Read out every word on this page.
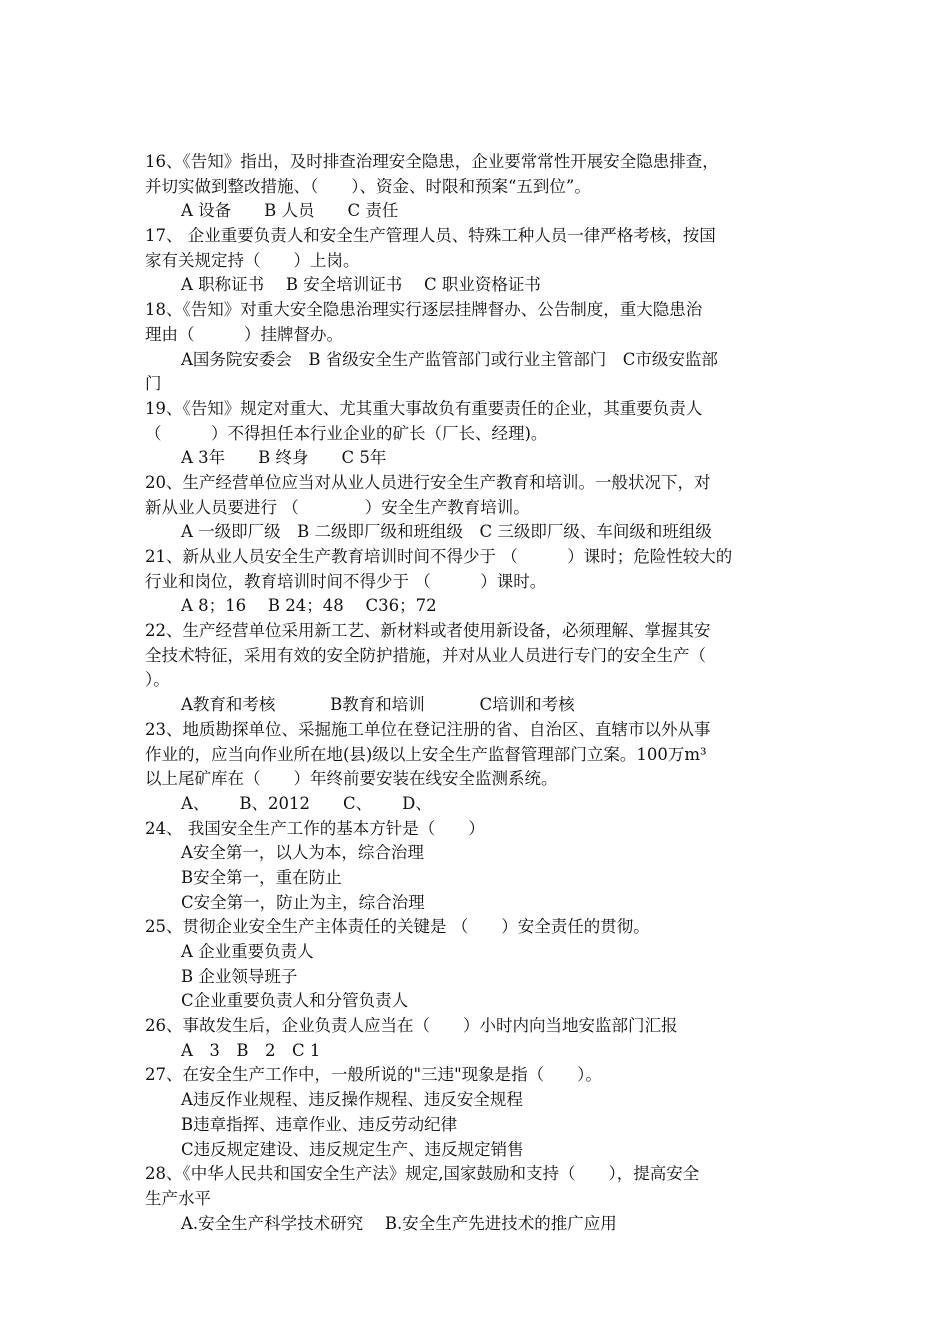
16、《告知》指出，及时排查治理安全隐患，企业要常常性开展安全隐患排查，
并切实做到整改措施、（　　）、资金、时限和预案“五到位”。
A 设备　　B 人员　　C 责任
17、 企业重要负责人和安全生产管理人员、特殊工种人员一律严格考核，按国
家有关规定持（　　）上岗。
A 职称证书　 B 安全培训证书　 C 职业资格证书
18、《告知》对重大安全隐患治理实行逐层挂牌督办、公告制度，重大隐患治
理由（　　　）挂牌督办。
A国务院安委会　B 省级安全生产监管部门或行业主管部门　C市级安监部
门
19、《告知》规定对重大、尤其重大事故负有重要责任的企业，其重要负责人
（　　　）不得担任本行业企业的矿长（厂长、经理)。
A 3年　　B 终身　　C 5年
20、生产经营单位应当对从业人员进行安全生产教育和培训。一般状况下，对
新从业人员要进行 （　　　　）安全生产教育培训。
A 一级即厂级　B 二级即厂级和班组级　C 三级即厂级、车间级和班组级
21、新从业人员安全生产教育培训时间不得少于 （　　　）课时；危险性较大的
行业和岗位，教育培训时间不得少于 （　　　）课时。
A 8；16　 B 24；48　 C36；72
22、生产经营单位采用新工艺、新材料或者使用新设备，必须理解、掌握其安
全技术特征，采用有效的安全防护措施，并对从业人员进行专门的安全生产（
）。
A教育和考核　　　 B教育和培训　　　 C培训和考核
23、地质勘探单位、采掘施工单位在登记注册的省、自治区、直辖市以外从事
作业的，应当向作业所在地(县)级以上安全生产监督管理部门立案。100万m³
以上尾矿库在（　　）年终前要安装在线安全监测系统。
A、　　 B、2012　　C、　　 D、
24、 我国安全生产工作的基本方针是（　　）
A安全第一，以人为本，综合治理
B安全第一，重在防止
C安全第一，防止为主，综合治理
25、贯彻企业安全生产主体责任的关键是 （　　）安全责任的贯彻。
A 企业重要负责人
B 企业领导班子
C企业重要负责人和分管负责人
26、事故发生后，企业负责人应当在（　　）小时内向当地安监部门汇报
A　3　B　2　C 1
27、在安全生产工作中，一般所说的"三违"现象是指（　　）。
A违反作业规程、违反操作规程、违反安全规程
B违章指挥、违章作业、违反劳动纪律
C违反规定建设、违反规定生产、违反规定销售
28、《中华人民共和国安全生产法》规定,国家鼓励和支持（　　），提高安全
生产水平
A.安全生产科学技术研究　 B.安全生产先进技术的推广应用
